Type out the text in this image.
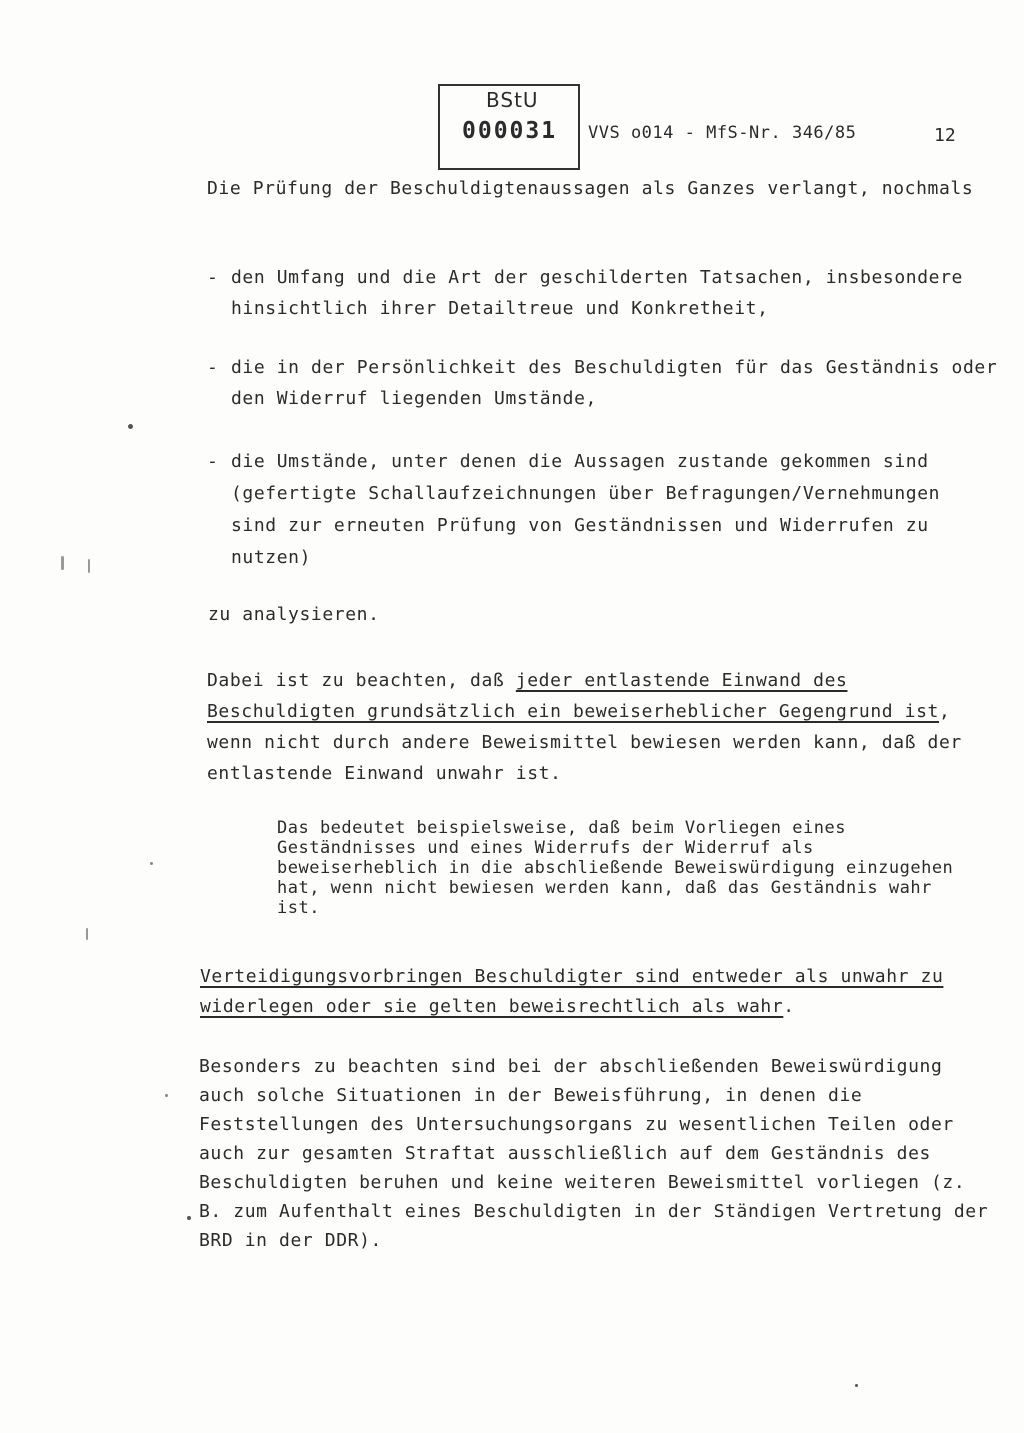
BStU
000031 VVS o014 - MfS-Nr. 346/85	12

Die Prüfung der Beschuldigtenaussagen als Ganzes verlangt, nochmals

- den Umfang und die Art der geschilderten Tatsachen, insbesondere hinsichtlich ihrer Detailtreue und Konkretheit,
- die in der Persönlichkeit des Beschuldigten für das Geständnis oder den Widerruf liegenden Umstände,
- die Umstände, unter denen die Aussagen zustande gekommen sind (gefertigte Schallaufzeichnungen über Befragungen/Vernehmungen sind zur erneuten Prüfung von Geständnissen und Widerrufen zu nutzen)

zu analysieren.

Dabei ist zu beachten, daß jeder entlastende Einwand des Beschuldigten grundsätzlich ein beweiserheblicher Gegengrund ist, wenn nicht durch andere Beweismittel bewiesen werden kann, daß der entlastende Einwand unwahr ist.

Das bedeutet beispielsweise, daß beim Vorliegen eines Geständnisses und eines Widerrufs der Widerruf als beweiserheblich in die abschließende Beweiswürdigung einzugehen hat, wenn nicht bewiesen werden kann, daß das Geständnis wahr ist.

Verteidigungsvorbringen Beschuldigter sind entweder als unwahr zu widerlegen oder sie gelten beweisrechtlich als wahr.

Besonders zu beachten sind bei der abschließenden Beweiswürdigung auch solche Situationen in der Beweisführung, in denen die Feststellungen des Untersuchungsorgans zu wesentlichen Teilen oder auch zur gesamten Straftat ausschließlich auf dem Geständnis des Beschuldigten beruhen und keine weiteren Beweismittel vorliegen (z. B. zum Aufenthalt eines Beschuldigten in der Ständigen Vertretung der BRD in der DDR).
